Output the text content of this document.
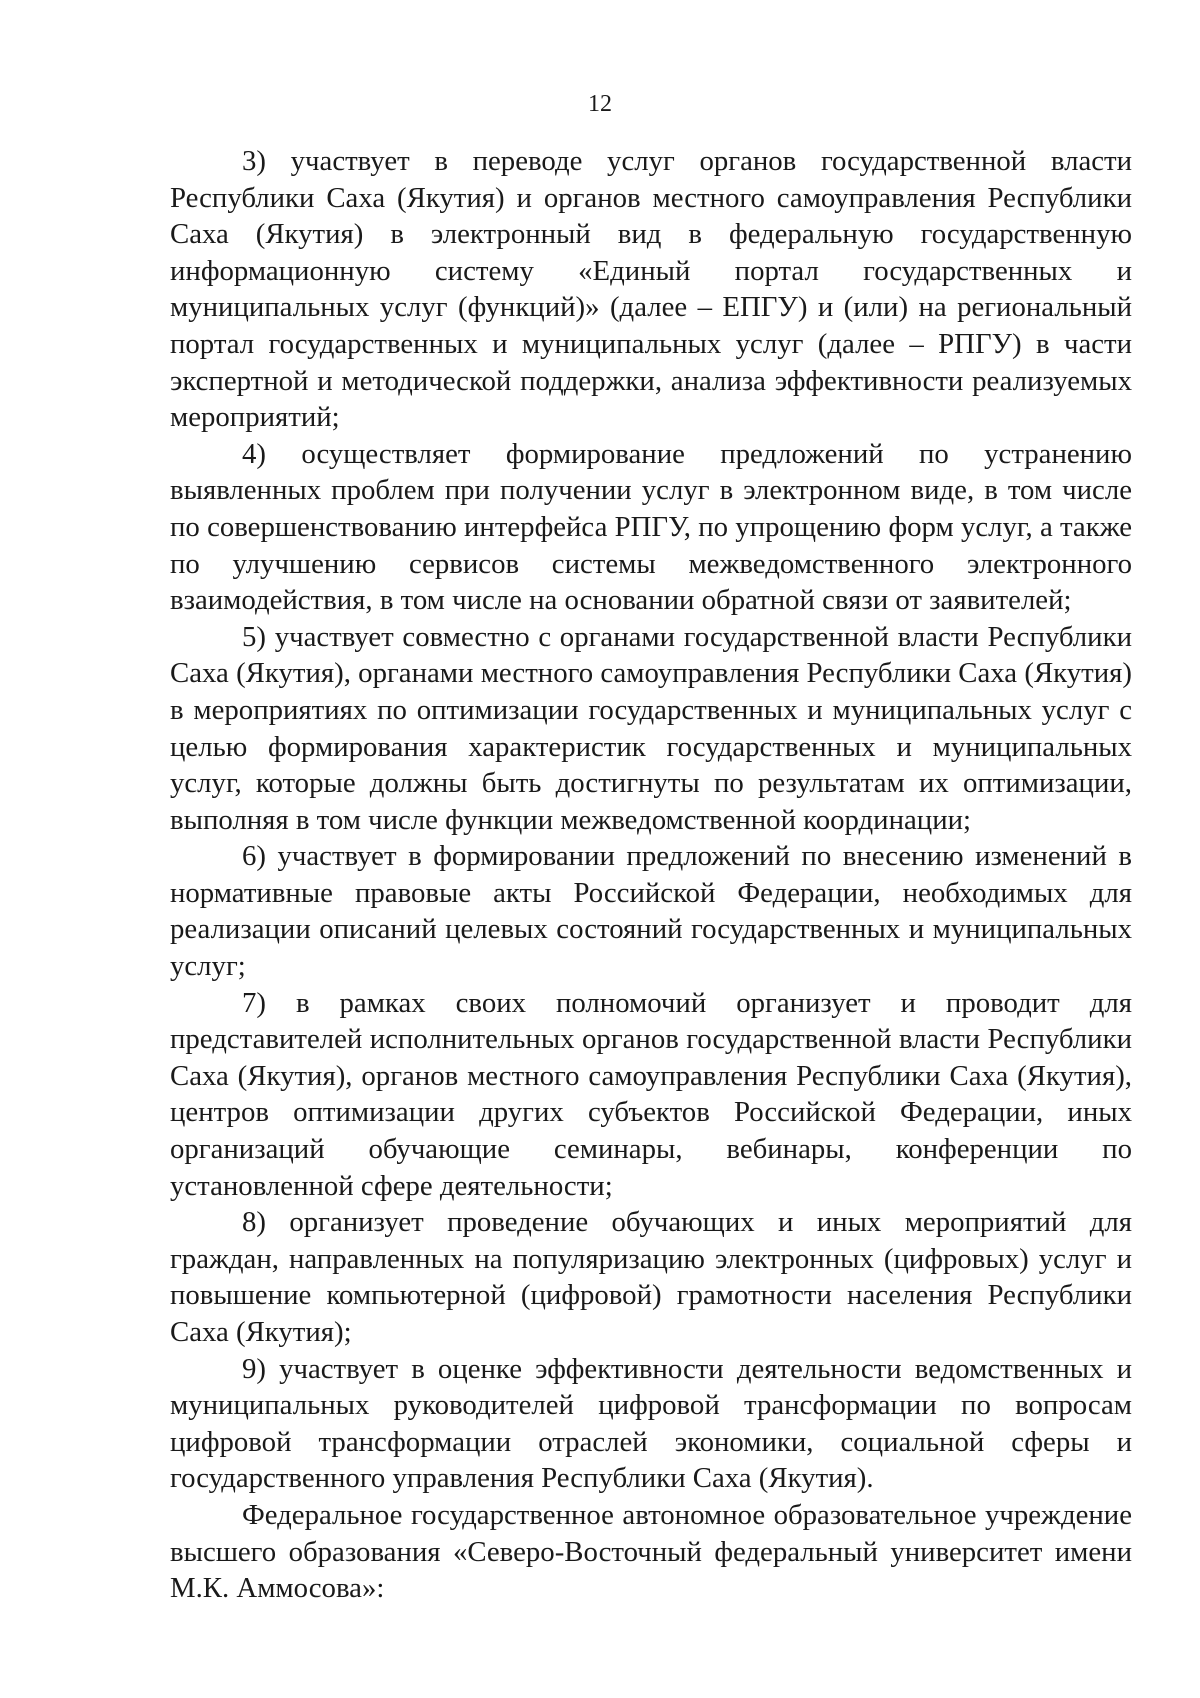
12

3) участвует в переводе услуг органов государственной власти Республики Саха (Якутия) и органов местного самоуправления Республики Саха (Якутия) в электронный вид в федеральную государственную информационную систему «Единый портал государственных и муниципальных услуг (функций)» (далее – ЕПГУ) и (или) на региональный портал государственных и муниципальных услуг (далее – РПГУ) в части экспертной и методической поддержки, анализа эффективности реализуемых мероприятий;

4) осуществляет формирование предложений по устранению выявленных проблем при получении услуг в электронном виде, в том числе по совершенствованию интерфейса РПГУ, по упрощению форм услуг, а также по улучшению сервисов системы межведомственного электронного взаимодействия, в том числе на основании обратной связи от заявителей;

5) участвует совместно с органами государственной власти Республики Саха (Якутия), органами местного самоуправления Республики Саха (Якутия) в мероприятиях по оптимизации государственных и муниципальных услуг с целью формирования характеристик государственных и муниципальных услуг, которые должны быть достигнуты по результатам их оптимизации, выполняя в том числе функции межведомственной координации;

6) участвует в формировании предложений по внесению изменений в нормативные правовые акты Российской Федерации, необходимых для реализации описаний целевых состояний государственных и муниципальных услуг;

7) в рамках своих полномочий организует и проводит для представителей исполнительных органов государственной власти Республики Саха (Якутия), органов местного самоуправления Республики Саха (Якутия), центров оптимизации других субъектов Российской Федерации, иных организаций обучающие семинары, вебинары, конференции по установленной сфере деятельности;

8) организует проведение обучающих и иных мероприятий для граждан, направленных на популяризацию электронных (цифровых) услуг и повышение компьютерной (цифровой) грамотности населения Республики Саха (Якутия);

9) участвует в оценке эффективности деятельности ведомственных и муниципальных руководителей цифровой трансформации по вопросам цифровой трансформации отраслей экономики, социальной сферы и государственного управления Республики Саха (Якутия).

Федеральное государственное автономное образовательное учреждение высшего образования «Северо-Восточный федеральный университет имени М.К. Аммосова»:
